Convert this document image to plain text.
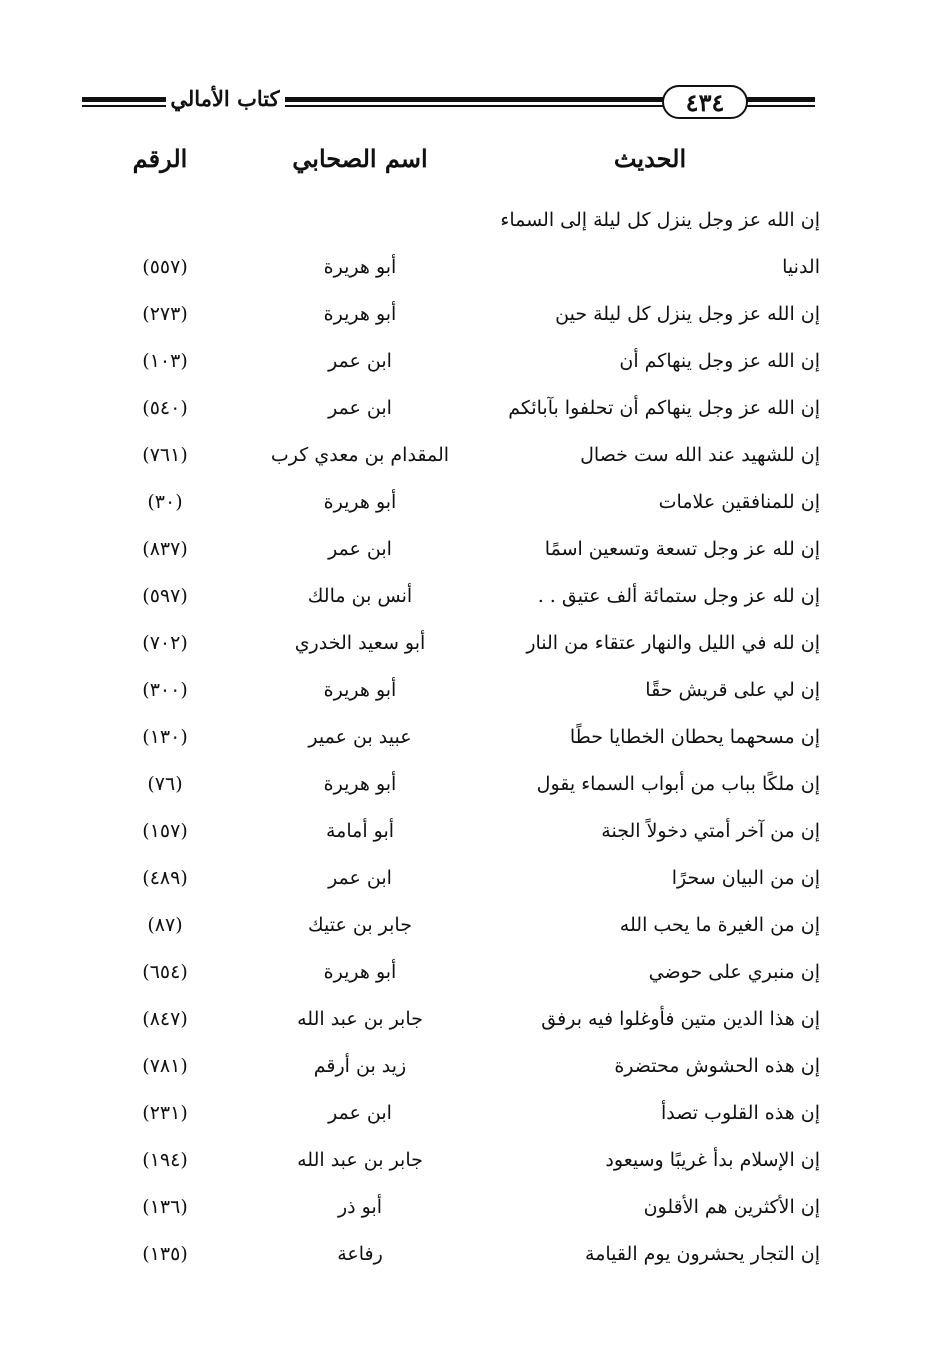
٤٣٤
كتاب الأمالي
الحديث
اسم الصحابي
الرقم
إن الله عز وجل ينزل كل ليلة إلى السماء
الدنيا
أبو هريرة
(٥٥٧)
إن الله عز وجل ينزل كل ليلة حين
أبو هريرة
(٢٧٣)
إن الله عز وجل ينهاكم أن
ابن عمر
(١٠٣)
إن الله عز وجل ينهاكم أن تحلفوا بآبائكم
ابن عمر
(٥٤٠)
إن للشهيد عند الله ست خصال
المقدام بن معدي كرب
(٧٦١)
إن للمنافقين علامات
أبو هريرة
(٣٠)
إن لله عز وجل تسعة وتسعين اسمًا
ابن عمر
(٨٣٧)
إن لله عز وجل ستمائة ألف عتيق . .
أنس بن مالك
(٥٩٧)
إن لله في الليل والنهار عتقاء من النار
أبو سعيد الخدري
(٧٠٢)
إن لي على قريش حقًا
أبو هريرة
(٣٠٠)
إن مسحهما يحطان الخطايا حطًا
عبيد بن عمير
(١٣٠)
إن ملكًا بباب من أبواب السماء يقول
أبو هريرة
(٧٦)
إن من آخر أمتي دخولاً الجنة
أبو أمامة
(١٥٧)
إن من البيان سحرًا
ابن عمر
(٤٨٩)
إن من الغيرة ما يحب الله
جابر بن عتيك
(٨٧)
إن منبري على حوضي
أبو هريرة
(٦٥٤)
إن هذا الدين متين فأوغلوا فيه برفق
جابر بن عبد الله
(٨٤٧)
إن هذه الحشوش محتضرة
زيد بن أرقم
(٧٨١)
إن هذه القلوب تصدأ
ابن عمر
(٢٣١)
إن الإسلام بدأ غريبًا وسيعود
جابر بن عبد الله
(١٩٤)
إن الأكثرين هم الأقلون
أبو ذر
(١٣٦)
إن التجار يحشرون يوم القيامة
رفاعة
(١٣٥)
